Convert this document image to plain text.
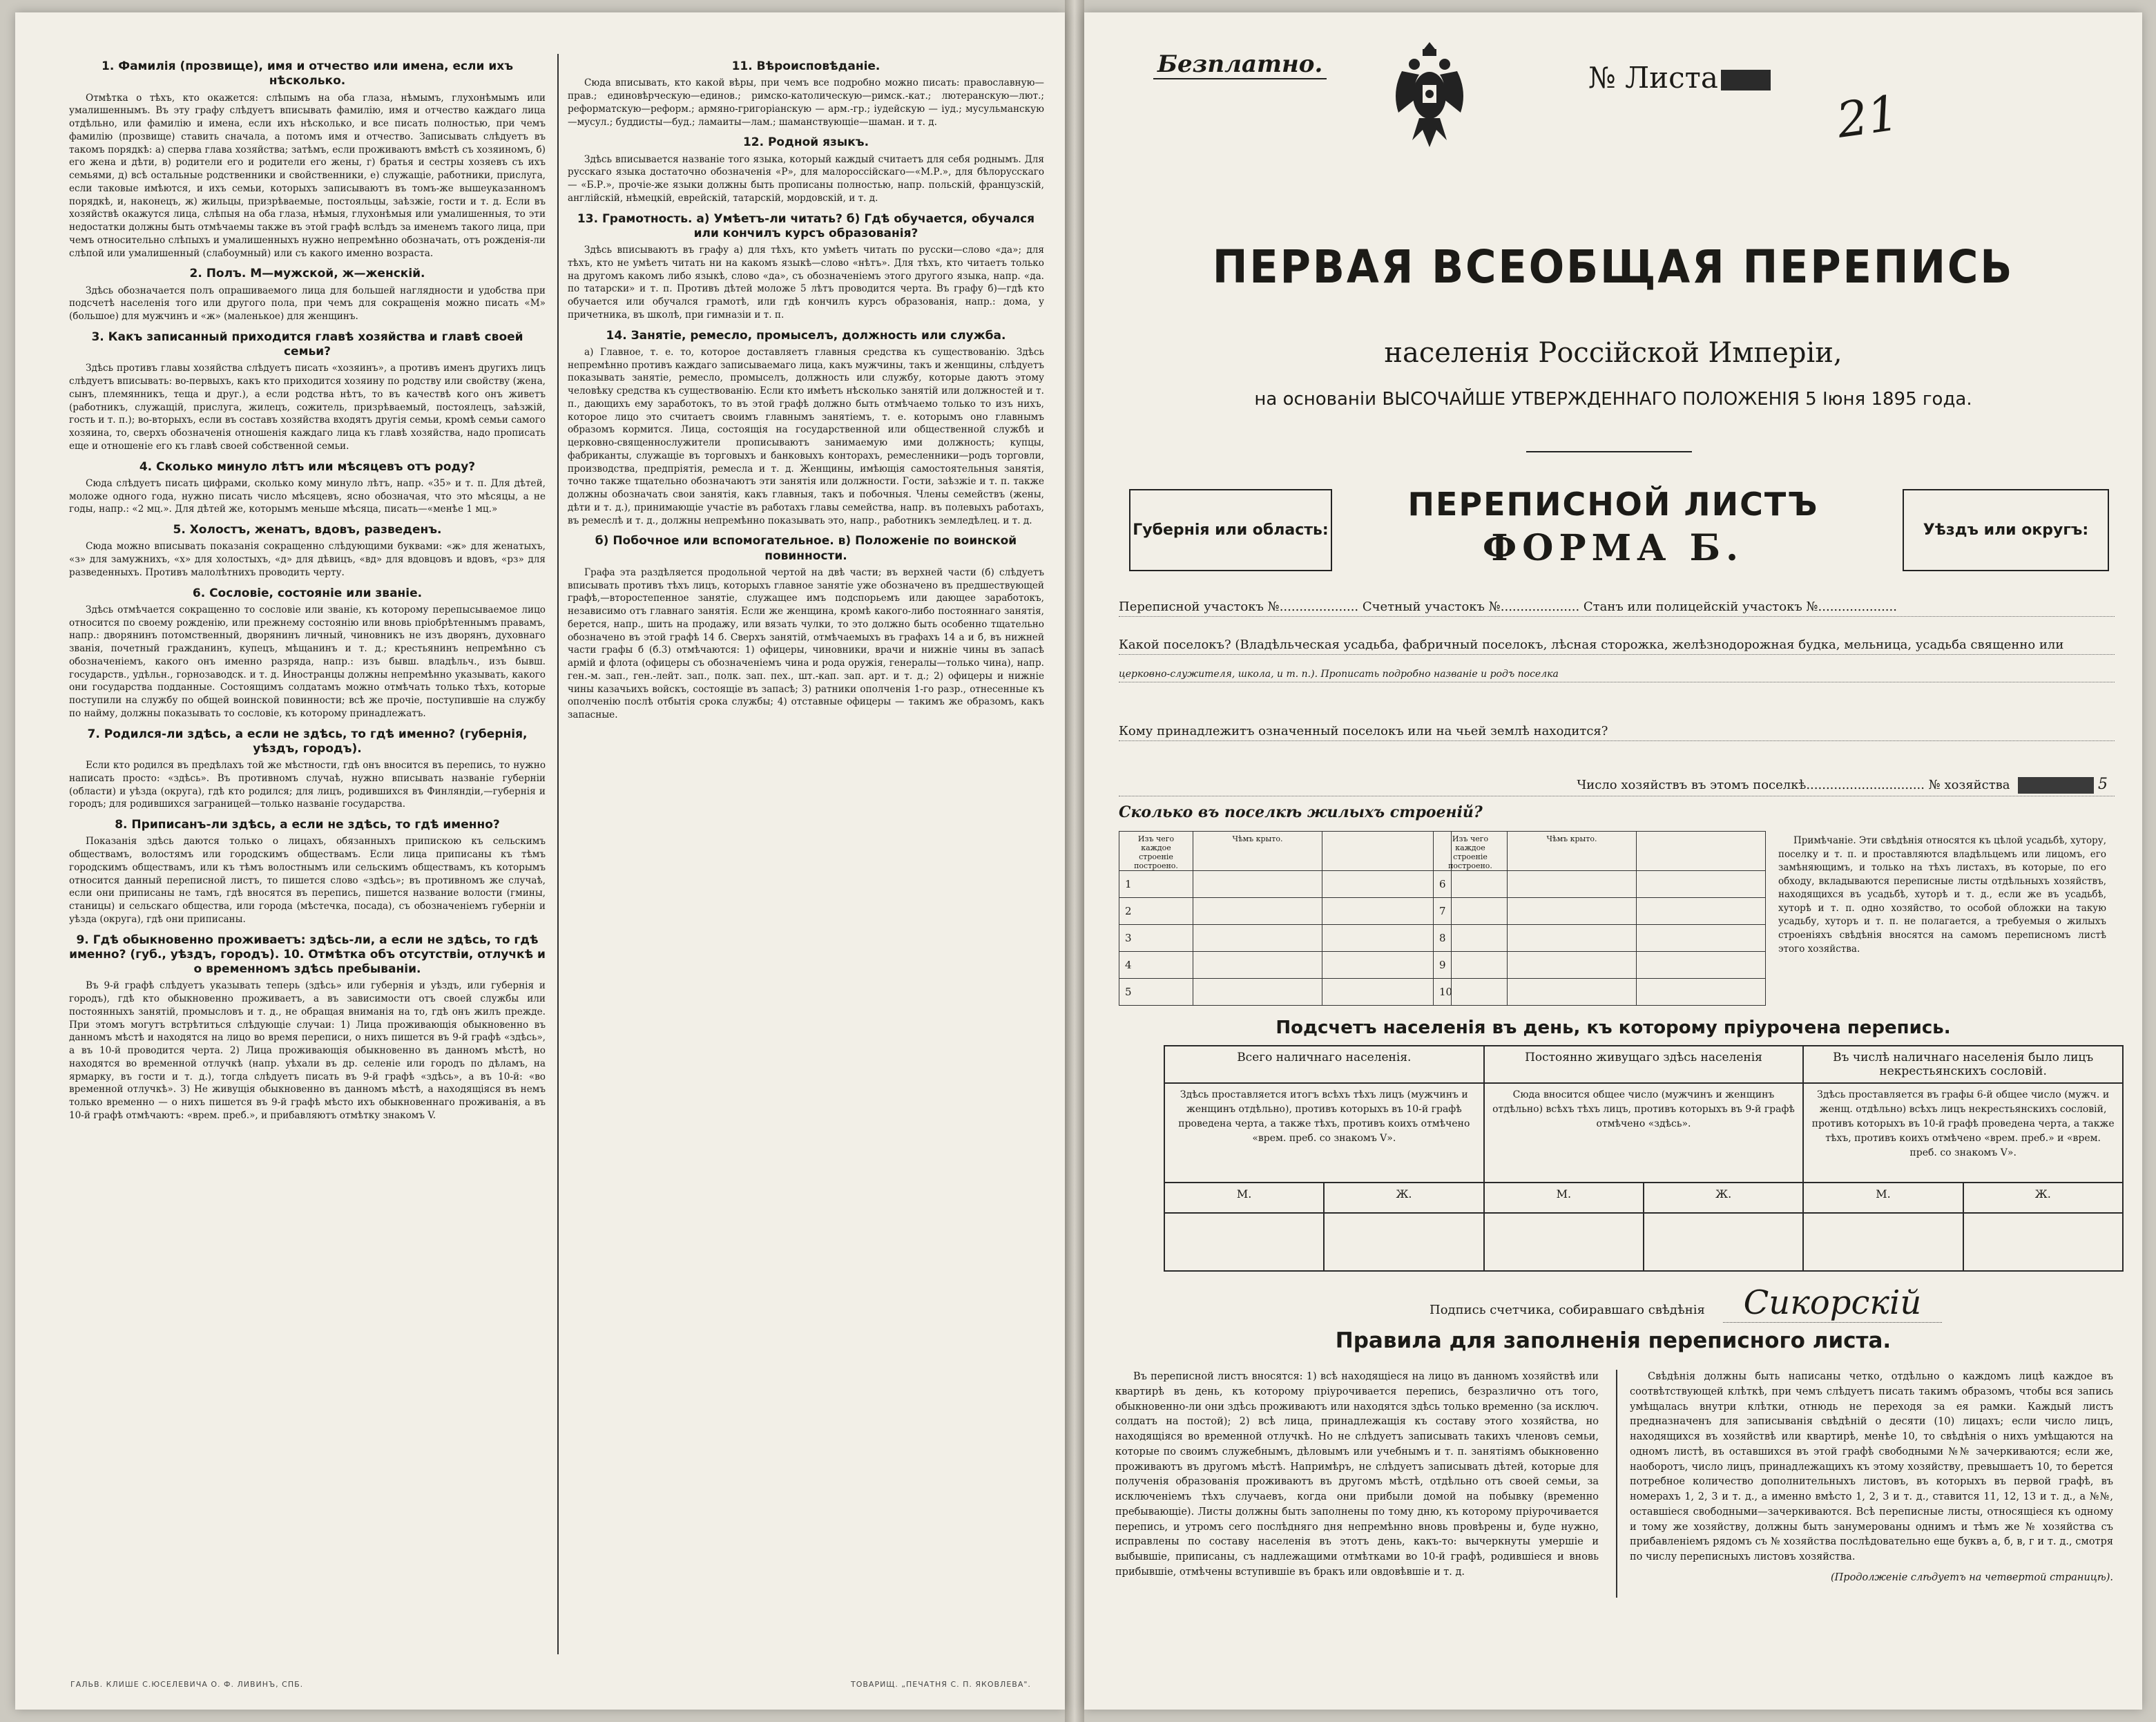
1. Фамилія (прозвище), имя и отчество или имена, если ихъ нѣсколько.

Отмѣтка о тѣхъ, кто окажется: слѣпымъ на оба глаза, нѣмымъ, глухонѣмымъ или умалишеннымъ. Въ эту графу слѣдуетъ вписывать фамилію, имя и отчество каждаго лица отдѣльно, или фамилію и имена, если ихъ нѣсколько, и все писать полностью, при чемъ фамилію (прозвище) ставить сначала, а потомъ имя и отчество. Записывать слѣдуетъ въ такомъ порядкѣ: а) сперва глава хозяйства; затѣмъ, если проживаютъ вмѣстѣ съ хозяиномъ, б) его жена и дѣти, в) родители его и родители его жены, г) братья и сестры хозяевъ съ ихъ семьями, д) всѣ остальные родственники и свойственники, е) служащіе, работники, прислуга, если таковые имѣются, и ихъ семьи, которыхъ записываютъ въ томъ-же вышеуказанномъ порядкѣ, и, наконецъ, ж) жильцы, призрѣваемые, постояльцы, заѣзжіе, гости и т. д. Если въ хозяйствѣ окажутся лица, слѣпыя на оба глаза, нѣмыя, глухонѣмыя или умалишенныя, то эти недостатки должны быть отмѣчаемы также въ этой графѣ вслѣдъ за именемъ такого лица, при чемъ относительно слѣпыхъ и умалишенныхъ нужно непремѣнно обозначать, отъ рожденія-ли слѣпой или умалишенный (слабоумный) или съ какого именно возраста.

2. Полъ. М—мужской, ж—женскій.

Здѣсь обозначается полъ опрашиваемого лица для большей наглядности и удобства при подсчетѣ населенія того или другого пола, при чемъ для сокращенія можно писать «М» (большое) для мужчинъ и «ж» (маленькое) для женщинъ.

3. Какъ записанный приходится главѣ хозяйства и главѣ своей семьи?

Здѣсь противъ главы хозяйства слѣдуетъ писать «хозяинъ», а противъ именъ другихъ лицъ слѣдуетъ вписывать: во-первыхъ, какъ кто приходится хозяину по родству или свойству (жена, сынъ, племянникъ, теща и друг.), а если родства нѣтъ, то въ качествѣ кого онъ живетъ (работникъ, служащій, прислуга, жилецъ, сожитель, призрѣваемый, постоялецъ, заѣзжій, гость и т. п.); во-вторыхъ, если въ составъ хозяйства входятъ другія семьи, кромѣ семьи самого хозяина, то, сверхъ обозначенія отношенія каждаго лица къ главѣ хозяйства, надо прописать еще и отношеніе его къ главѣ своей собственной семьи.

4. Сколько минуло лѣтъ или мѣсяцевъ отъ роду?

Сюда слѣдуетъ писать цифрами, сколько кому минуло лѣтъ, напр. «35» и т. п. Для дѣтей, моложе одного года, нужно писать число мѣсяцевъ, ясно обозначая, что это мѣсяцы, а не годы, напр.: «2 мц.». Для дѣтей же, которымъ меньше мѣсяца, писать—«менѣе 1 мц.»

5. Холостъ, женатъ, вдовъ, разведенъ.

Сюда можно вписывать показанія сокращенно слѣдующими буквами: «ж» для женатыхъ, «з» для замужнихъ, «х» для холостыхъ, «д» для дѣвицъ, «вд» для вдовцовъ и вдовъ, «рз» для разведенныхъ. Противъ малолѣтнихъ проводить черту.

6. Сословіе, состояніе или званіе.

Здѣсь отмѣчается сокращенно то сословіе или званіе, къ которому перепысываемое лицо относится по своему рожденію, или прежнему состоянію или вновь пріобрѣтеннымъ правамъ, напр.: дворянинъ потомственный, дворянинъ личный, чиновникъ не изъ дворянъ, духовнаго званія, почетный гражданинъ, купецъ, мѣщанинъ и т. д.; крестьянинъ непремѣнно съ обозначеніемъ, какого онъ именно разряда, напр.: изъ бывш. владѣльч., изъ бывш. государств., удѣльн., горнозаводск. и т. д. Иностранцы должны непремѣнно указывать, какого они государства подданные. Состоящимъ солдатамъ можно отмѣчать только тѣхъ, которые поступили на службу по общей воинской повинности; всѣ же прочіе, поступившіе на службу по найму, должны показывать то сословіе, къ которому принадлежатъ.

7. Родился-ли здѣсь, а если не здѣсь, то гдѣ именно? (губернія, уѣздъ, городъ).

Если кто родился въ предѣлахъ той же мѣстности, гдѣ онъ вносится въ перепись, то нужно написать просто: «здѣсь». Въ противномъ случаѣ, нужно вписывать названіе губерніи (области) и уѣзда (округа), гдѣ кто родился; для лицъ, родившихся въ Финляндіи,—губернія и городъ; для родившихся заграницей—только названіе государства.

8. Приписанъ-ли здѣсь, а если не здѣсь, то гдѣ именно?

Показанія здѣсь даются только о лицахъ, обязанныхъ припискою къ сельскимъ обществамъ, волостямъ или городскимъ обществамъ. Если лица приписаны къ тѣмъ городскимъ обществамъ, или къ тѣмъ волостнымъ или сельскимъ обществамъ, къ которымъ относится данный переписной листъ, то пишется слово «здѣсь»; въ противномъ же случаѣ, если они приписаны не тамъ, гдѣ вносятся въ перепись, пишется название волости (гмины, станицы) и сельскаго общества, или города (мѣстечка, посада), съ обозначеніемъ губерніи и уѣзда (округа), гдѣ они приписаны.

9. Гдѣ обыкновенно проживаетъ: здѣсь-ли, а если не здѣсь, то гдѣ именно? (губ., уѣздъ, городъ). 10. Отмѣтка объ отсутствіи, отлучкѣ и о временномъ здѣсь пребываніи.

Въ 9-й графѣ слѣдуетъ указывать теперь (здѣсь» или губернія и уѣздъ, или губернія и городъ), гдѣ кто обыкновенно проживаетъ, а въ зависимости отъ своей службы или постоянныхъ занятій, промысловъ и т. д., не обращая вниманія на то, гдѣ онъ жилъ прежде. При этомъ могутъ встрѣтиться слѣдующіе случаи: 1) Лица проживающія обыкновенно въ данномъ мѣстѣ и находятся на лицо во время переписи, о нихъ пишется въ 9-й графѣ «здѣсь», а въ 10-й проводится черта. 2) Лица проживающія обыкновенно въ данномъ мѣстѣ, но находятся во временной отлучкѣ (напр. уѣхали въ др. селеніе или городъ по дѣламъ, на ярмарку, въ гости и т. д.), тогда слѣдуетъ писать въ 9-й графѣ «здѣсь», а въ 10-й: «во временной отлучкѣ». 3) Не живущія обыкновенно въ данномъ мѣстѣ, а находящіяся въ немъ только временно — о нихъ пишется въ 9-й графѣ мѣсто ихъ обыкновеннаго проживанія, а въ 10-й графѣ отмѣчаютъ: «врем. преб.», и прибавляютъ отмѣтку знакомъ V.

11. Вѣроисповѣданіе.

Сюда вписывать, кто какой вѣры, при чемъ все подробно можно писать: православную—прав.; единовѣрческую—единов.; римско-католическую—римск.-кат.; лютеранскую—лют.; реформатскую—реформ.; армяно-григоріанскую — арм.-гр.; іудейскую — іуд.; мусульманскую—мусул.; буддисты—буд.; ламаиты—лам.; шаманствующіе—шаман. и т. д.

12. Родной языкъ.

Здѣсь вписывается названіе того языка, который каждый считаетъ для себя роднымъ. Для русскаго языка достаточно обозначенія «Р», для малороссійскаго—«М.Р.», для бѣлорусскаго — «Б.Р.», прочіе-же языки должны быть прописаны полностью, напр. польскій, французскій, англійскій, нѣмецкій, еврейскій, татарскій, мордовскій, и т. д.

13. Грамотность. а) Умѣетъ-ли читать? б) Гдѣ обучается, обучался или кончилъ курсъ образованія?

Здѣсь вписываютъ въ графу а) для тѣхъ, кто умѣетъ читать по русски—слово «да»; для тѣхъ, кто не умѣетъ читать ни на какомъ языкѣ—слово «нѣтъ». Для тѣхъ, кто читаетъ только на другомъ какомъ либо языкѣ, слово «да», съ обозначеніемъ этого другого языка, напр. «да. по татарски» и т. п. Противъ дѣтей моложе 5 лѣтъ проводится черта. Въ графу б)—гдѣ кто обучается или обучался грамотѣ, или гдѣ кончилъ курсъ образованія, напр.: дома, у причетника, въ школѣ, при гимназіи и т. п.

14. Занятіе, ремесло, промыселъ, должность или служба.

а) Главное, т. е. то, которое доставляетъ главныя средства къ существованію. Здѣсь непремѣнно противъ каждаго записываемаго лица, какъ мужчины, такъ и женщины, слѣдуетъ показывать занятіе, ремесло, промыселъ, должность или службу, которые даютъ этому человѣку средства къ существованію. Если кто имѣетъ нѣсколько занятій или должностей и т. п., дающихъ ему заработокъ, то въ этой графѣ должно быть отмѣчаемо только то изъ нихъ, которое лицо это считаетъ своимъ главнымъ занятіемъ, т. е. которымъ оно главнымъ образомъ кормится. Лица, состоящія на государственной или общественной службѣ и церковно-священнослужители прописываютъ занимаемую ими должность; купцы, фабриканты, служащіе въ торговыхъ и банковыхъ конторахъ, ремесленники—родъ торговли, производства, предпріятія, ремесла и т. д. Женщины, имѣющія самостоятельныя занятія, точно также тщательно обозначаютъ эти занятія или должности. Гости, заѣзжіе и т. п. также должны обозначать свои занятія, какъ главныя, такъ и побочныя. Члены семействъ (жены, дѣти и т. д.), принимающіе участіе въ работахъ главы семейства, напр. въ полевыхъ работахъ, въ ремеслѣ и т. д., должны непремѣнно показывать это, напр., работникъ земледѣлец. и т. д.

б) Побочное или вспомогательное. в) Положеніе по воинской повинности.

Графа эта раздѣляется продольной чертой на двѣ части; въ верхней части (б) слѣдуетъ вписывать противъ тѣхъ лицъ, которыхъ главное занятіе уже обозначено въ предшествующей графѣ,—второстепенное занятіе, служащее имъ подспорьемъ или дающее заработокъ, независимо отъ главнаго занятія. Если же женщина, кромѣ какого-либо постояннаго занятія, берется, напр., шить на продажу, или вязать чулки, то это должно быть особенно тщательно обозначено въ этой графѣ 14 б. Сверхъ занятій, отмѣчаемыхъ въ графахъ 14 а и б, въ нижней части графы б (б.3) отмѣчаются: 1) офицеры, чиновники, врачи и нижніе чины въ запасѣ армій и флота (офицеры съ обозначеніемъ чина и рода оружія, генералы—только чина), напр. ген.-м. зап., ген.-лейт. зап., полк. зап. пех., шт.-кап. зап. арт. и т. д.; 2) офицеры и нижніе чины казачьихъ войскъ, состоящіе въ запасѣ; 3) ратники ополченія 1-го разр., отнесенные къ ополченію послѣ отбытія срока службы; 4) отставные офицеры — такимъ же образомъ, какъ запасные.

ГАЛЬВ. КЛИШЕ С.ЮСЕЛЕВИЧА О. Ф. ЛИВИНЪ, СПБ.	ТОВАРИЩ. „ПЕЧАТНЯ С. П. ЯКОВЛЕВА".
Безплатно.	№ Листа
21
ПЕРВАЯ ВСЕОБЩАЯ ПЕРЕПИСЬ
населенія Россійской Имперіи,
на основаніи ВЫСОЧАЙШЕ УТВЕРЖДЕННАГО ПОЛОЖЕНІЯ 5 Іюня 1895 года.
Губернія или область:
ПЕРЕПИСНОЙ ЛИСТЪ
ФОРМА Б.	Уѣздъ или округъ:
Переписной участокъ №.................... Счетный участокъ №.................... Станъ или полицейскій участокъ №....................
Какой поселокъ? (Владѣльческая усадьба, фабричный поселокъ, лѣсная сторожка, желѣзнодорожная будка, мельница, усадьба священно или
церковно-служителя, школа, и т. п.). Прописать подробно названіе и родъ поселка
Кому принадлежитъ означенный поселокъ или на чьей землѣ находится?
Число хозяйствъ въ этомъ поселкѣ.............................. № хозяйства	5
Сколько въ поселкѣ жилыхъ строеній?
Изъ чего каждое строеніе построено.	Чѣмъ крыто.	
1		
2		
3		
4		
5		
Изъ чего каждое строеніе построено.	Чѣмъ крыто.	
6		
7		
8		
9		
10		
Примѣчаніе. Эти свѣдѣнія относятся къ цѣлой усадьбѣ, хутору, поселку и т. п. и проставляются владѣльцемъ или лицомъ, его замѣняющимъ, и только на тѣхъ листахъ, въ которые, по его обходу, вкладываются переписные листы отдѣльныхъ хозяйствъ, находящихся въ усадьбѣ, хуторѣ и т. д., если же въ усадьбѣ, хуторѣ и т. п. одно хозяйство, то особой обложки на такую усадьбу, хуторъ и т. п. не полагается, а требуемыя о жилыхъ строеніяхъ свѣдѣнія вносятся на самомъ переписномъ листѣ этого хозяйства.
Подсчетъ населенія въ день, къ которому пріурочена перепись.
Всего наличнаго населенія.		Постоянно живущаго здѣсь населенія		Въ числѣ наличнаго населенія было лицъ некрестьянскихъ сословій.	
Здѣсь проставляется итогъ всѣхъ тѣхъ лицъ (мужчинъ и женщинъ отдѣльно), противъ которыхъ въ 10-й графѣ проведена черта, а также тѣхъ, противъ коихъ отмѣчено «врем. преб. со знакомъ V».		Сюда вносится общее число (мужчинъ и женщинъ отдѣльно) всѣхъ тѣхъ лицъ, противъ которыхъ въ 9-й графѣ отмѣчено «здѣсь».		Здѣсь проставляется въ графы 6-й общее число (мужч. и женщ. отдѣльно) всѣхъ лицъ некрестьянскихъ сословій, противъ которыхъ въ 10-й графѣ проведена черта, а также тѣхъ, противъ коихъ отмѣчено «врем. преб.» и «врем. преб. со знакомъ V».	
М.	Ж.	М.	Ж.	М.	Ж.

Подпись счетчика, собиравшаго свѣдѣнія Сикорскій
Правила для заполненія переписного листа.

Въ переписной листъ вносятся: 1) всѣ находящіеся на лицо въ данномъ хозяйствѣ или квартирѣ въ день, къ которому пріурочивается перепись, безразлично отъ того, обыкновенно-ли они здѣсь проживаютъ или находятся здѣсь только временно (за исключ. солдатъ на постой); 2) всѣ лица, принадлежащія къ составу этого хозяйства, но находящіяся во временной отлучкѣ. Но не слѣдуетъ записывать такихъ членовъ семьи, которые по своимъ служебнымъ, дѣловымъ или учебнымъ и т. п. занятіямъ обыкновенно проживаютъ въ другомъ мѣстѣ. Напримѣръ, не слѣдуетъ записывать дѣтей, которые для полученія образованія проживаютъ въ другомъ мѣстѣ, отдѣльно отъ своей семьи, за исключеніемъ тѣхъ случаевъ, когда они прибыли домой на побывку (временно пребывающіе). Листы должны быть заполнены по тому дню, къ которому пріурочивается перепись, и утромъ сего послѣдняго дня непремѣнно вновь провѣрены и, буде нужно, исправлены по составу населенія въ этотъ день, какъ-то: вычеркнуты умершіе и выбывшіе, приписаны, съ надлежащими отмѣтками во 10-й графѣ, родившіеся и вновь прибывшіе, отмѣчены вступившіе въ бракъ или овдовѣвшіе и т. д.

Свѣдѣнія должны быть написаны четко, отдѣльно о каждомъ лицѣ каждое въ соотвѣтствующей клѣткѣ, при чемъ слѣдуетъ писать такимъ образомъ, чтобы вся запись умѣщалась внутри клѣтки, отнюдь не переходя за ея рамки. Каждый листъ предназначенъ для записыванія свѣдѣній о десяти (10) лицахъ; если число лицъ, находящихся въ хозяйствѣ или квартирѣ, менѣе 10, то свѣдѣнія о нихъ умѣщаются на одномъ листѣ, въ оставшихся въ этой графѣ свободными №№ зачеркиваются; если же, наоборотъ, число лицъ, принадлежащихъ къ этому хозяйству, превышаетъ 10, то берется потребное количество дополнительныхъ листовъ, въ которыхъ въ первой графѣ, въ номерахъ 1, 2, 3 и т. д., а именно вмѣсто 1, 2, 3 и т. д., ставится 11, 12, 13 и т. д., а №№, оставшіеся свободными—зачеркиваются. Всѣ переписные листы, относящіеся къ одному и тому же хозяйству, должны быть занумерованы однимъ и тѣмъ же № хозяйства съ прибавленіемъ рядомъ съ № хозяйства послѣдовательно еще буквъ а, б, в, г и т. д., смотря по числу переписныхъ листовъ хозяйства.

(Продолженіе слѣдуетъ на четвертой страницѣ).
